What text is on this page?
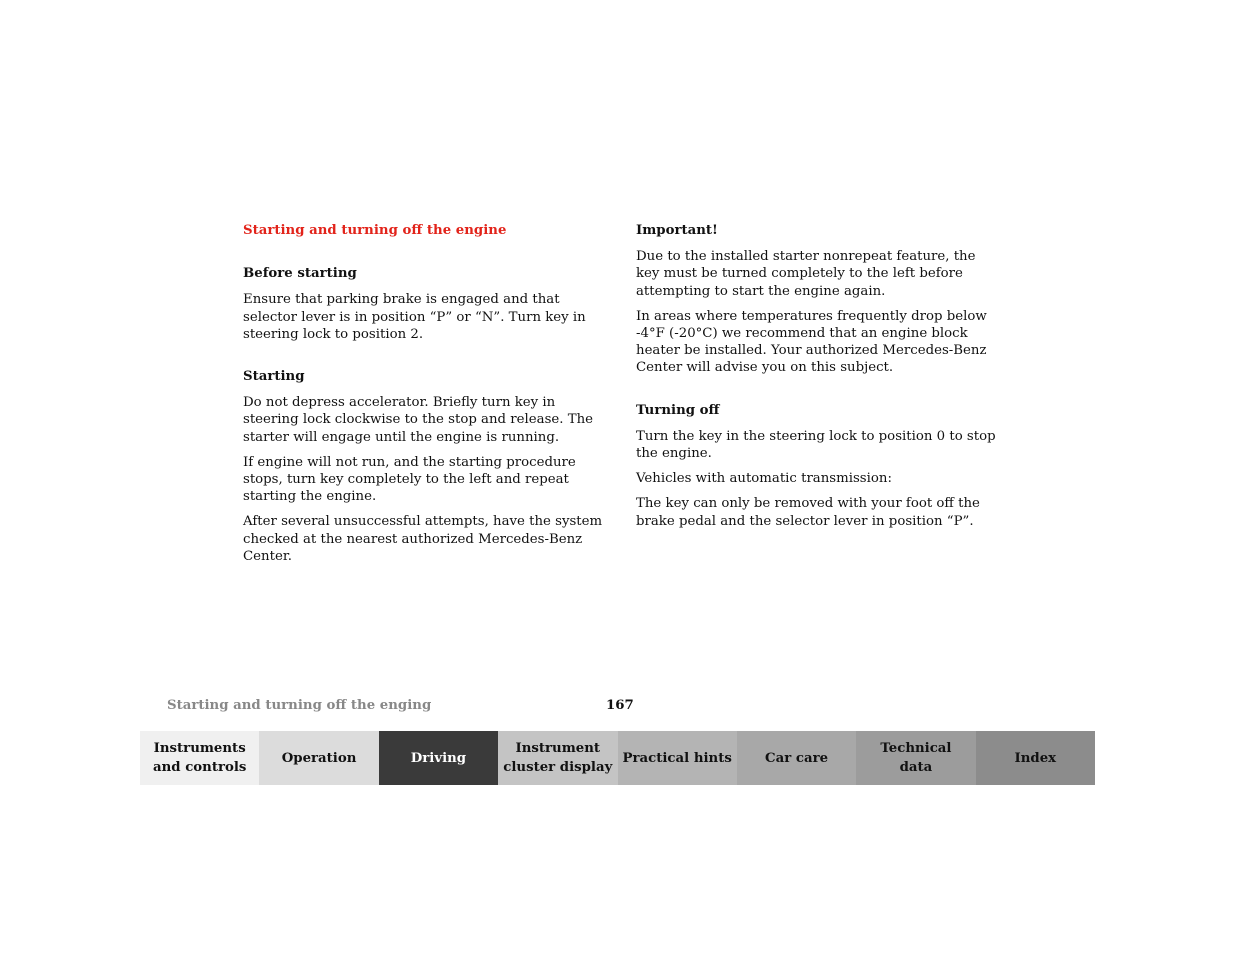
Starting and turning off the engine
Before starting

Ensure that parking brake is engaged and that selector lever is in position “P” or “N”. Turn key in steering lock to position 2.

Starting

Do not depress accelerator. Briefly turn key in steering lock clockwise to the stop and release. The starter will engage until the engine is running.

If engine will not run, and the starting procedure stops, turn key completely to the left and repeat starting the engine.

After several unsuccessful attempts, have the system checked at the nearest authorized Mercedes-Benz Center.

Important!

Due to the installed starter nonrepeat feature, the key must be turned completely to the left before attempting to start the engine again.

In areas where temperatures frequently drop below -4°F (-20°C) we recommend that an engine block heater be installed. Your authorized Mercedes-Benz Center will advise you on this subject.

Turning off

Turn the key in the steering lock to position 0 to stop the engine.

Vehicles with automatic transmission:

The key can only be removed with your foot off the brake pedal and the selector lever in position “P”.

Starting and turning off the enging	167
Instruments
and controls
Operation	Driving
Instrument
cluster display
Practical hints Car care
Technical
data
Index
